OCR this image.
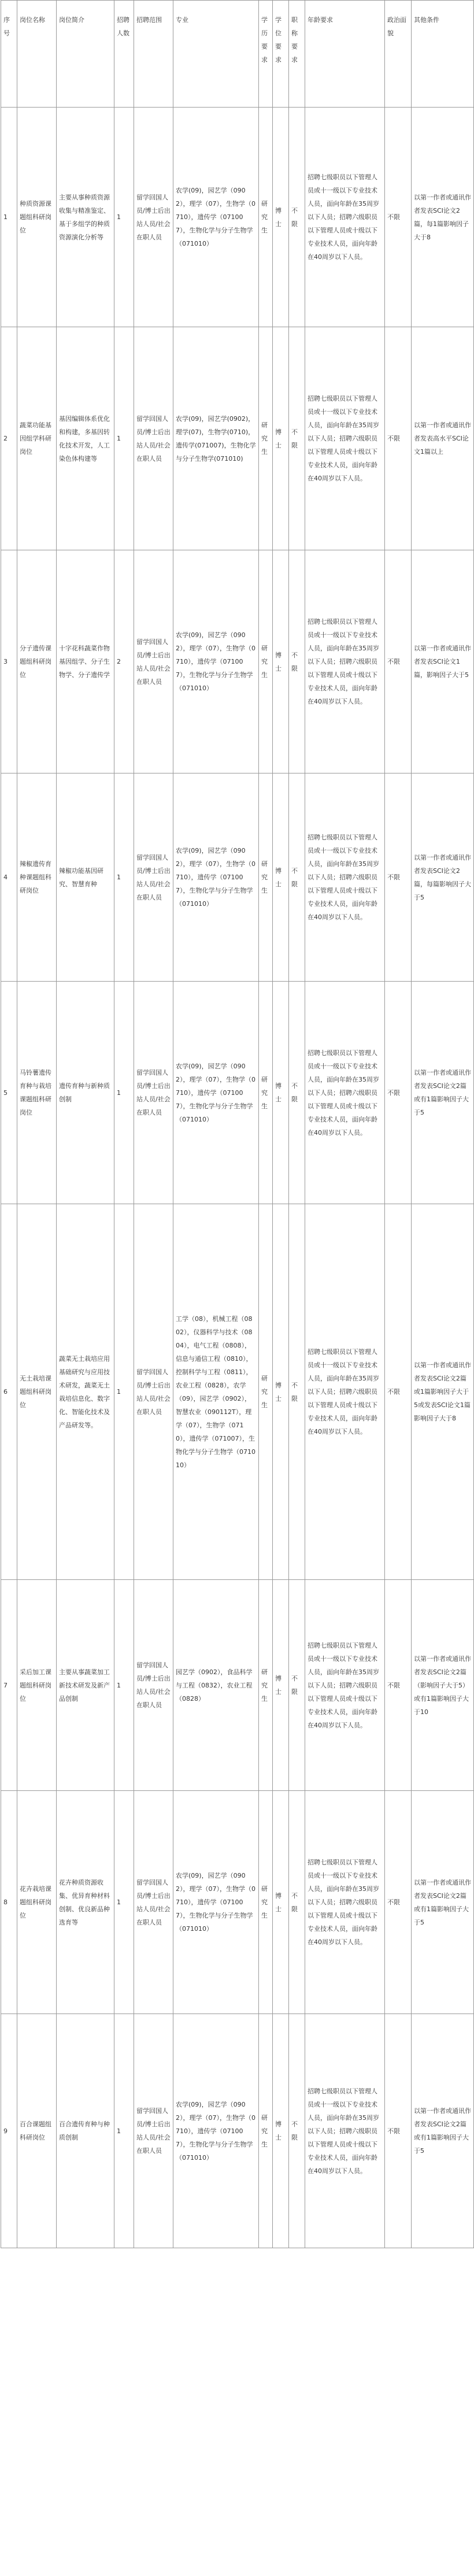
序号	岗位名称	岗位简介	招聘人数	招聘范围	专业	学历要求	学位要求	职称要求	年龄要求	政治面貌	其他条件
1	种质资源课题组科研岗位	主要从事种质资源收集与精准鉴定、基于多组学的种质资源演化分析等	1	留学回国人员/博士后出站人员/社会在职人员	农学(09)，园艺学（0902），理学（07），生物学（0710），遗传学（071007），生物化学与分子生物学（071010）	研究生	博士	不限	招聘七级职员以下管理人员或十一级以下专业技术人员，面向年龄在35周岁以下人员；招聘六级职员以下管理人员或十级以下专业技术人员，面向年龄在40周岁以下人员。	不限	以第一作者或通讯作者发表SCI论文2篇，每1篇影响因子大于8
2	蔬菜功能基因组学科研岗位	基因编辑体系优化和构建，多基因转化技术开发，人工染色体构建等	1	留学回国人员/博士后出站人员/社会在职人员	农学(09)，园艺学(0902)，理学(07)，生物学(0710)，遗传学(071007)，生物化学与分子生物学(071010)	研究生	博士	不限	招聘七级职员以下管理人员或十一级以下专业技术人员，面向年龄在35周岁以下人员；招聘六级职员以下管理人员或十级以下专业技术人员，面向年龄在40周岁以下人员。	不限	以第一作者或通讯作者发表高水平SCI论文1篇以上
3	分子遗传课题组科研岗位	十字花科蔬菜作物基因组学、分子生物学、分子遗传学	2	留学回国人员/博士后出站人员/社会在职人员	农学(09)，园艺学（0902），理学（07），生物学（0710），遗传学（071007），生物化学与分子生物学（071010）	研究生	博士	不限	招聘七级职员以下管理人员或十一级以下专业技术人员，面向年龄在35周岁以下人员；招聘六级职员以下管理人员或十级以下专业技术人员，面向年龄在40周岁以下人员。	不限	以第一作者或通讯作者发表SCI论文1篇，影响因子大于5
4	辣椒遗传育种课题组科研岗位	辣椒功能基因研究、智慧育种	1	留学回国人员/博士后出站人员/社会在职人员	农学(09)，园艺学（0902），理学（07），生物学（0710），遗传学（071007），生物化学与分子生物学（071010）	研究生	博士	不限	招聘七级职员以下管理人员或十一级以下专业技术人员，面向年龄在35周岁以下人员；招聘六级职员以下管理人员或十级以下专业技术人员，面向年龄在40周岁以下人员。	不限	以第一作者或通讯作者发表SCI论文2篇，每篇影响因子大于5
5	马铃薯遗传育种与栽培课题组科研岗位	遗传育种与新种质创制	1	留学回国人员/博士后出站人员/社会在职人员	农学(09)，园艺学（0902），理学（07），生物学（0710），遗传学（071007），生物化学与分子生物学（071010）	研究生	博士	不限	招聘七级职员以下管理人员或十一级以下专业技术人员，面向年龄在35周岁以下人员；招聘六级职员以下管理人员或十级以下专业技术人员，面向年龄在40周岁以下人员。	不限	以第一作者或通讯作者发表SCI论文2篇或有1篇影响因子大于5
6	无土栽培课题组科研岗位	蔬菜无土栽培应用基础研究与应用技术研发，蔬菜无土栽培信息化、数字化、智能化技术及产品研发等。	1	留学回国人员/博士后出站人员/社会在职人员	工学（08），机械工程（0802），仪器科学与技术（0804），电气工程（0808），信息与通信工程（0810），控制科学与工程（0811），农业工程（0828），农学（09），园艺学（0902），智慧农业（090112T），理学（07），生物学（0710），遗传学（071007），生物化学与分子生物学（071010）	研究生	博士	不限	招聘七级职员以下管理人员或十一级以下专业技术人员，面向年龄在35周岁以下人员；招聘六级职员以下管理人员或十级以下专业技术人员，面向年龄在40周岁以下人员。	不限	以第一作者或通讯作者发表SCI论文2篇或1篇影响因子大于5或发表SCI论文1篇影响因子大于8
7	采后加工课题组科研岗位	主要从事蔬菜加工新技术研发及新产品创制	1	留学回国人员/博士后出站人员/社会在职人员	园艺学（0902），食品科学与工程（0832），农业工程（0828）	研究生	博士	不限	招聘七级职员以下管理人员或十一级以下专业技术人员，面向年龄在35周岁以下人员；招聘六级职员以下管理人员或十级以下专业技术人员，面向年龄在40周岁以下人员。	不限	以第一作者或通讯作者发表SCI论文2篇（影响因子大于5）或有1篇影响因子大于10
8	花卉栽培课题组科研岗位	花卉种质资源收集、优异育种材料创制、优良新品种选育等	1	留学回国人员/博士后出站人员/社会在职人员	农学(09)，园艺学（0902），理学（07），生物学（0710），遗传学（071007），生物化学与分子生物学（071010）	研究生	博士	不限	招聘七级职员以下管理人员或十一级以下专业技术人员，面向年龄在35周岁以下人员；招聘六级职员以下管理人员或十级以下专业技术人员，面向年龄在40周岁以下人员。	不限	以第一作者或通讯作者发表SCI论文2篇或有1篇影响因子大于5
9	百合课题组科研岗位	百合遗传育种与种质创制	1	留学回国人员/博士后出站人员/社会在职人员	农学(09)，园艺学（0902），理学（07），生物学（0710），遗传学（071007），生物化学与分子生物学（071010）	研究生	博士	不限	招聘七级职员以下管理人员或十一级以下专业技术人员，面向年龄在35周岁以下人员；招聘六级职员以下管理人员或十级以下专业技术人员，面向年龄在40周岁以下人员。	不限	以第一作者或通讯作者发表SCI论文2篇或有1篇影响因子大于5
